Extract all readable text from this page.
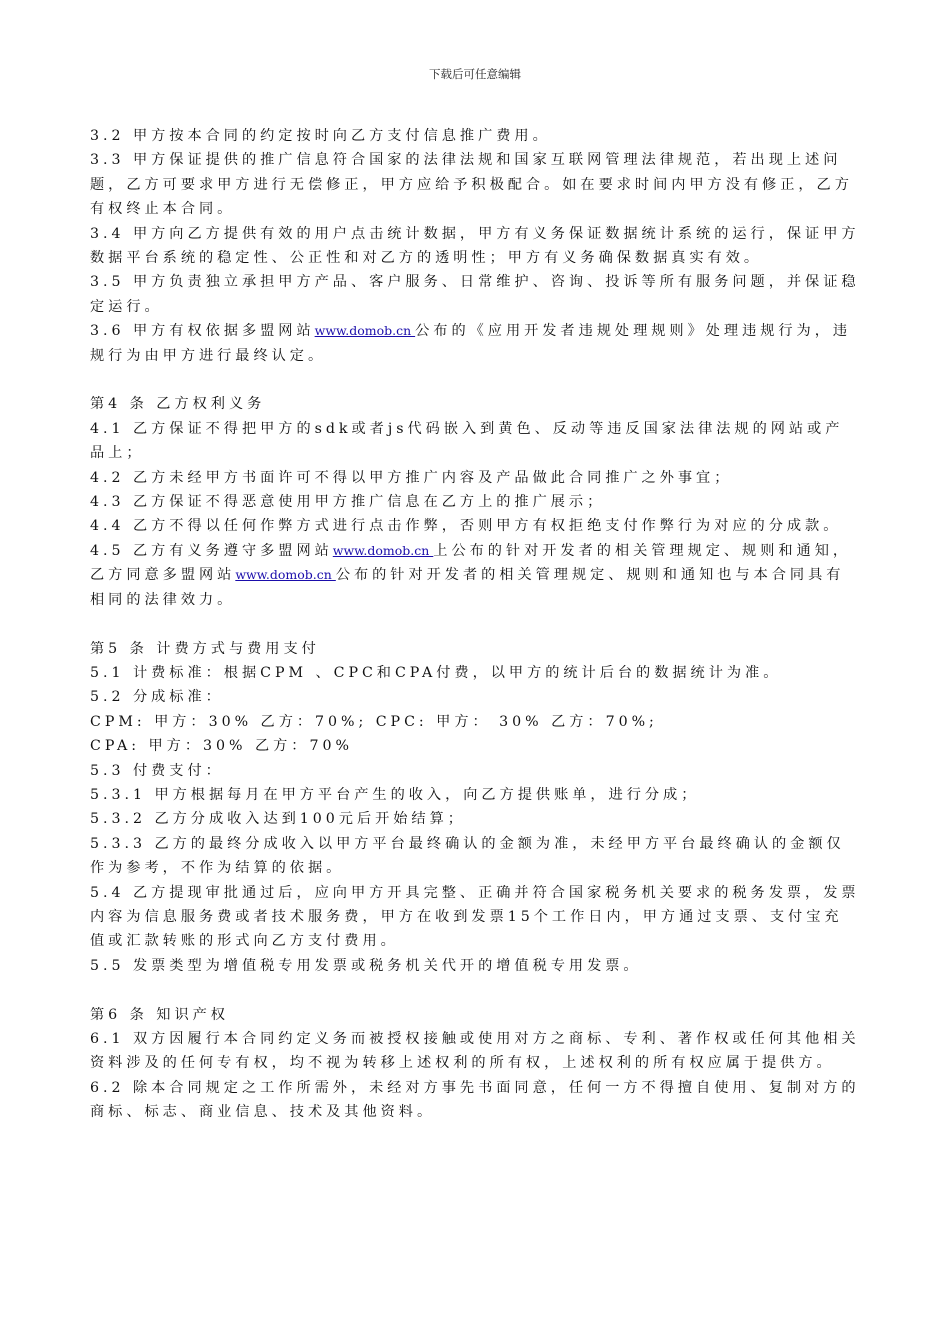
下载后可任意编辑

3.2 甲方按本合同的约定按时向乙方支付信息推广费用。

3.3 甲方保证提供的推广信息符合国家的法律法规和国家互联网管理法律规范，若出现上述问题，乙方可要求甲方进行无偿修正，甲方应给予积极配合。如在要求时间内甲方没有修正，乙方有权终止本合同。

3.4 甲方向乙方提供有效的用户点击统计数据，甲方有义务保证数据统计系统的运行，保证甲方数据平台系统的稳定性、公正性和对乙方的透明性；甲方有义务确保数据真实有效。

3.5 甲方负责独立承担甲方产品、客户服务、日常维护、咨询、投诉等所有服务问题，并保证稳定运行。

3.6 甲方有权依据多盟网站www.domob.cn 公布的《应用开发者违规处理规则》处理违规行为，违规行为由甲方进行最终认定。

第4 条 乙方权利义务

4.1 乙方保证不得把甲方的sdk或者js代码嵌入到黄色、反动等违反国家法律法规的网站或产品上；

4.2 乙方未经甲方书面许可不得以甲方推广内容及产品做此合同推广之外事宜；

4.3 乙方保证不得恶意使用甲方推广信息在乙方上的推广展示；

4.4 乙方不得以任何作弊方式进行点击作弊，否则甲方有权拒绝支付作弊行为对应的分成款。

4.5 乙方有义务遵守多盟网站www.domob.cn 上公布的针对开发者的相关管理规定、规则和通知，乙方同意多盟网站www.domob.cn 公布的针对开发者的相关管理规定、规则和通知也与本合同具有相同的法律效力。

第5 条 计费方式与费用支付

5.1 计费标准：根据CPM 、CPC和CPA付费，以甲方的统计后台的数据统计为准。

5.2 分成标准：

CPM: 甲方：30% 乙方：70%; CPC: 甲方： 30% 乙方：70%;

CPA: 甲方：30% 乙方：70%

5.3 付费支付：

5.3.1 甲方根据每月在甲方平台产生的收入，向乙方提供账单，进行分成；

5.3.2 乙方分成收入达到100元后开始结算；

5.3.3 乙方的最终分成收入以甲方平台最终确认的金额为准，未经甲方平台最终确认的金额仅作为参考，不作为结算的依据。

5.4 乙方提现审批通过后，应向甲方开具完整、正确并符合国家税务机关要求的税务发票，发票内容为信息服务费或者技术服务费，甲方在收到发票15个工作日内，甲方通过支票、支付宝充值或汇款转账的形式向乙方支付费用。

5.5 发票类型为增值税专用发票或税务机关代开的增值税专用发票。

第6 条 知识产权

6.1 双方因履行本合同约定义务而被授权接触或使用对方之商标、专利、著作权或任何其他相关资料涉及的任何专有权，均不视为转移上述权利的所有权，上述权利的所有权应属于提供方。

6.2 除本合同规定之工作所需外，未经对方事先书面同意，任何一方不得擅自使用、复制对方的商标、标志、商业信息、技术及其他资料。
